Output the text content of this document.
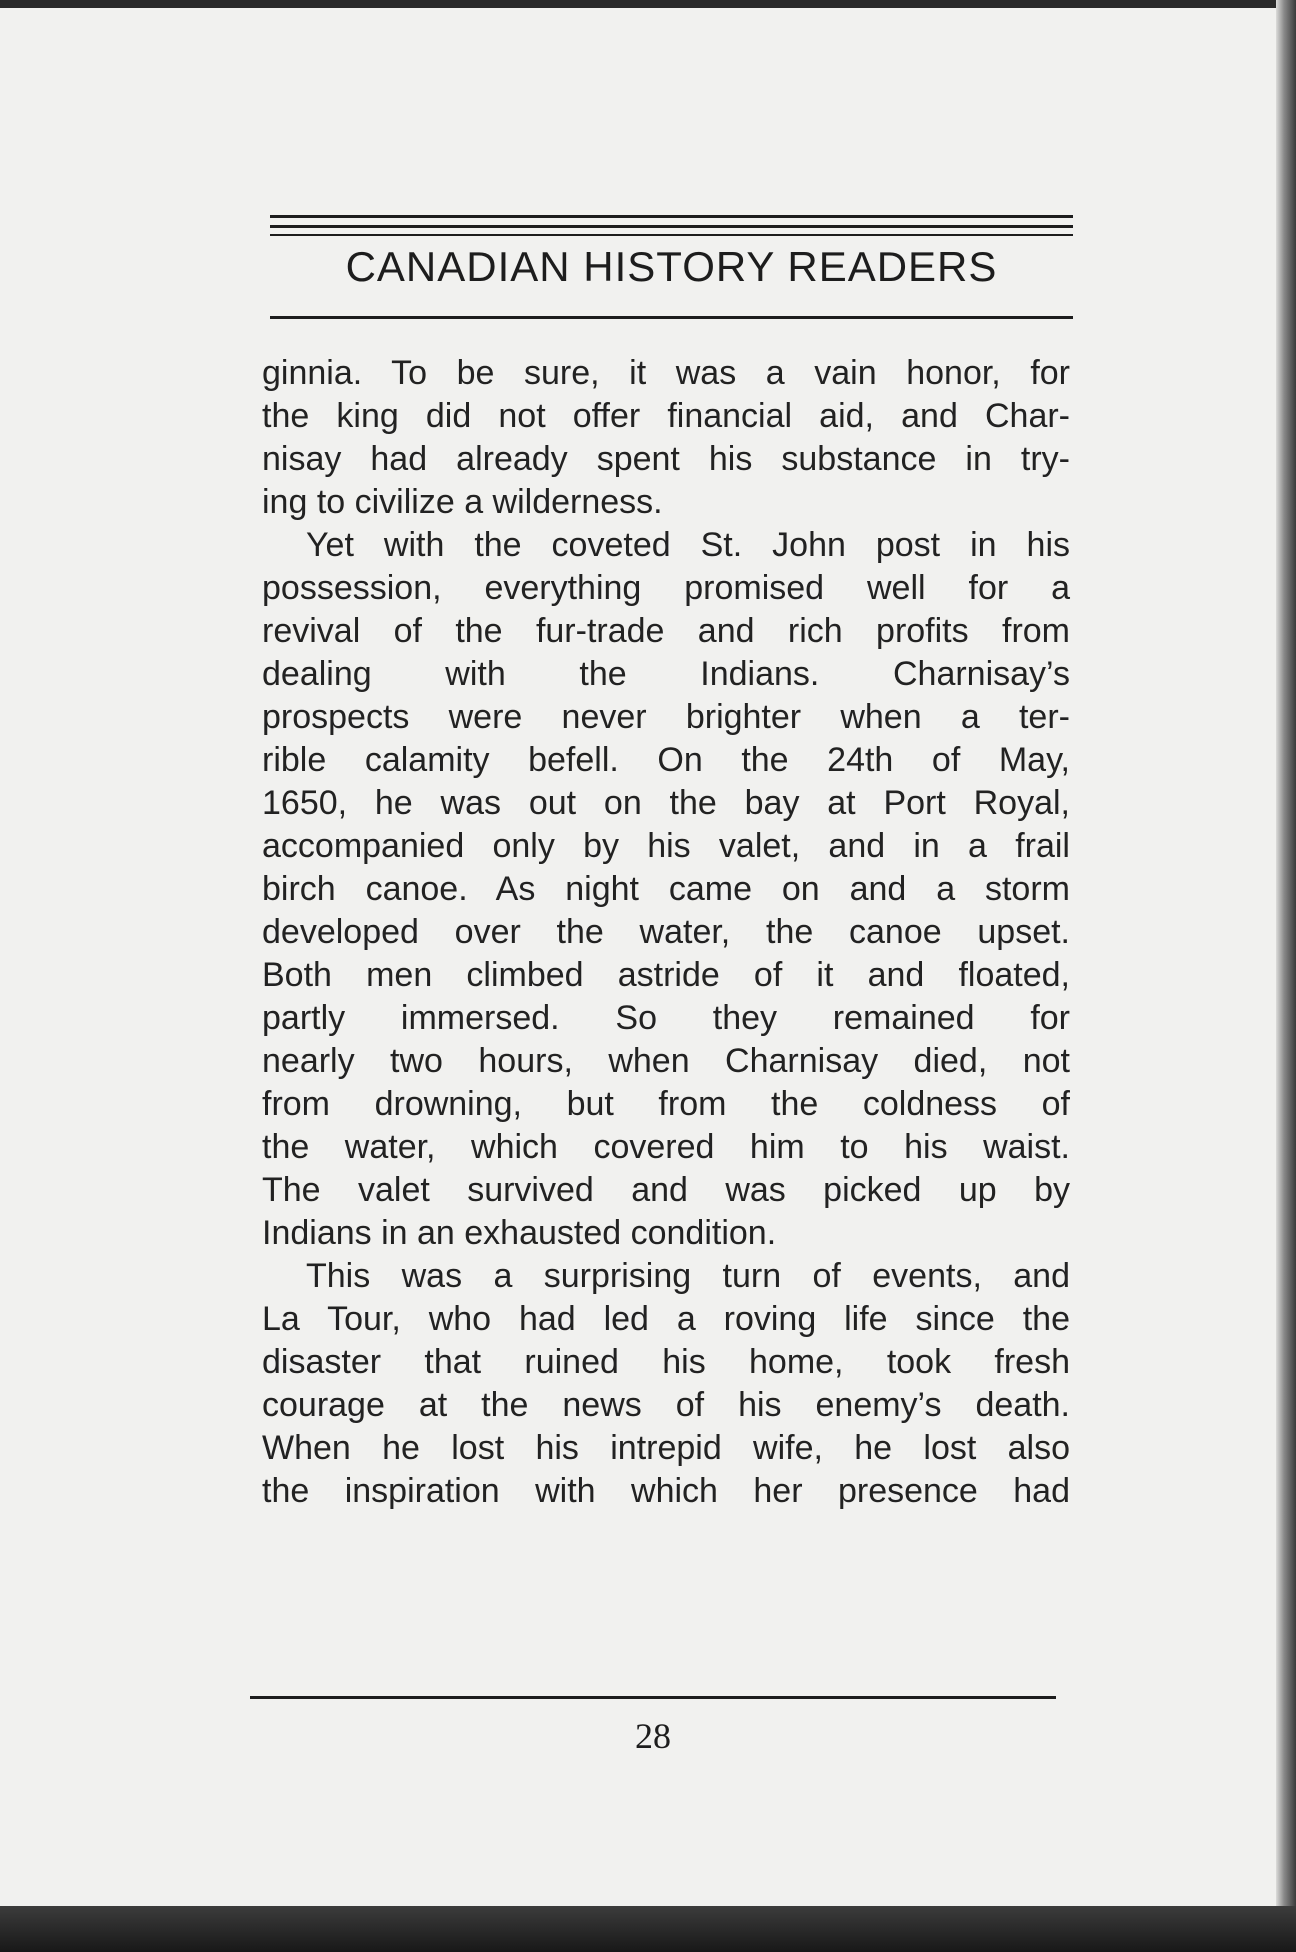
CANADIAN HISTORY READERS
ginnia. To be sure, it was a vain honor, for
the king did not offer financial aid, and Char-
nisay had already spent his substance in try-
ing to civilize a wilderness.
Yet with the coveted St. John post in his
possession, everything promised well for a
revival of the fur-trade and rich profits from
dealing with the Indians. Charnisay’s
prospects were never brighter when a ter-
rible calamity befell. On the 24th of May,
1650, he was out on the bay at Port Royal,
accompanied only by his valet, and in a frail
birch canoe. As night came on and a storm
developed over the water, the canoe upset.
Both men climbed astride of it and floated,
partly immersed. So they remained for
nearly two hours, when Charnisay died, not
from drowning, but from the coldness of
the water, which covered him to his waist.
The valet survived and was picked up by
Indians in an exhausted condition.
This was a surprising turn of events, and
La Tour, who had led a roving life since the
disaster that ruined his home, took fresh
courage at the news of his enemy’s death.
When he lost his intrepid wife, he lost also
the inspiration with which her presence had
28
